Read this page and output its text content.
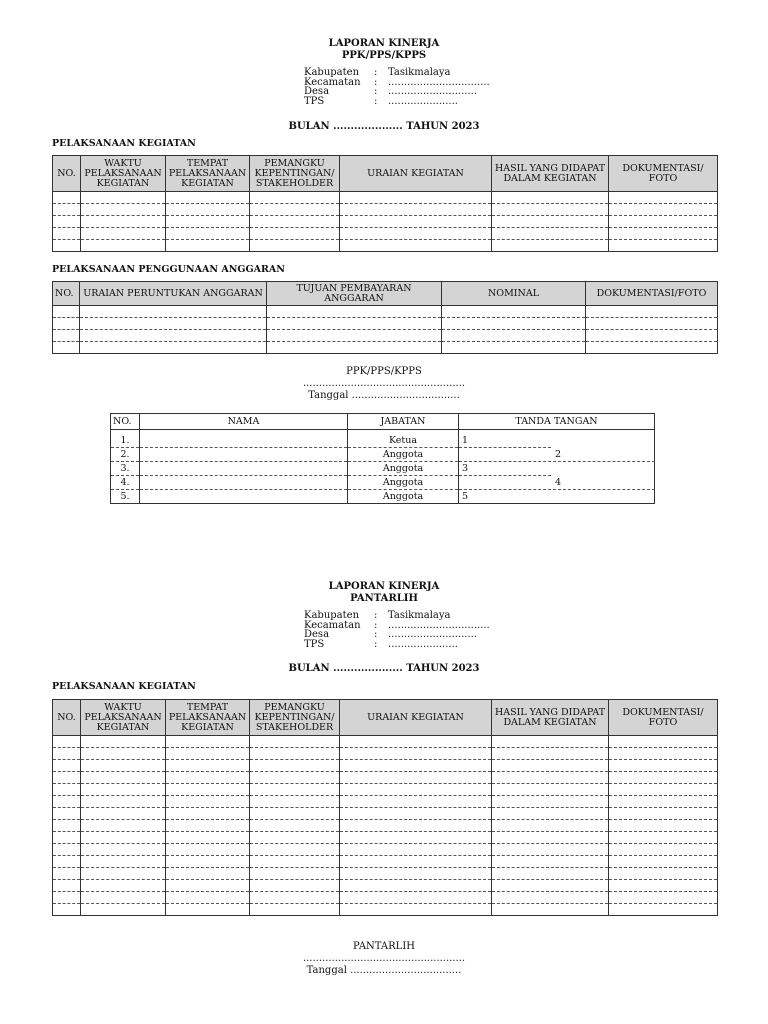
LAPORAN KINERJA
PPK/PPS/KPPS
Kabupaten	:	Tasikmalaya
Kecamatan	:	................................
Desa	:	............................
TPS	:	......................
BULAN .................... TAHUN 2023
PELAKSANAAN KEGIATAN
NO.	WAKTU PELAKSANAAN KEGIATAN	TEMPAT PELAKSANAAN KEGIATAN	PEMANGKU KEPENTINGAN/ STAKEHOLDER	URAIAN KEGIATAN	HASIL YANG DIDAPAT DALAM KEGIATAN	DOKUMENTASI/ FOTO

PELAKSANAAN PENGGUNAAN ANGGARAN
NO.	URAIAN PERUNTUKAN ANGGARAN	TUJUAN PEMBAYARAN ANGGARAN	NOMINAL	DOKUMENTASI/FOTO

PPK/PPS/KPPS
...................................................
Tanggal ..................................
NO.	NAMA	JABATAN	TANDA TANGAN

1.		Ketua	1

2.		Anggota	2

3.		Anggota	3

4.		Anggota	4

5.		Anggota	5
LAPORAN KINERJA
PANTARLIH
Kabupaten	:	Tasikmalaya
Kecamatan	:	................................
Desa	:	............................
TPS	:	......................
BULAN .................... TAHUN 2023
PELAKSANAAN KEGIATAN
NO.	WAKTU PELAKSANAAN KEGIATAN	TEMPAT PELAKSANAAN KEGIATAN	PEMANGKU KEPENTINGAN/ STAKEHOLDER	URAIAN KEGIATAN	HASIL YANG DIDAPAT DALAM KEGIATAN	DOKUMENTASI/ FOTO

PANTARLIH
...................................................
Tanggal ...................................
